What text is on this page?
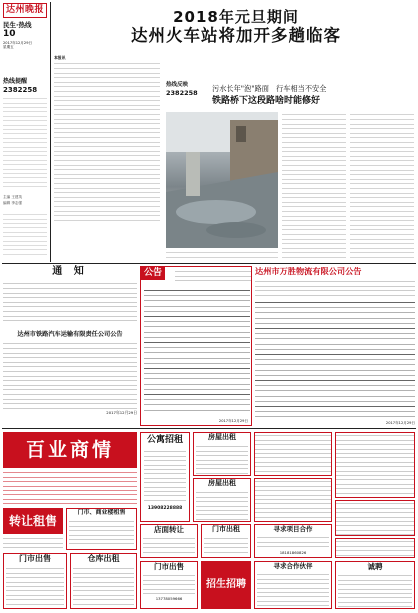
达州晚报
民生·热线
10
2017年12月29日
星期五
2018年元旦期间
达州火车站将加开多趟临客
热线提醒
2382258
主编 王建英
编辑 李志强
本报讯
热线反映
2382258	污水长年"泡"路面　行车相当不安全
铁路桥下这段路啥时能修好
通 知
达州市铁路汽车运输有限责任公司公告
2017年12月29日
公告
2017年12月29日
达州市万胜物流有限公司公告
2017年12月29日
百业商情
转让租售
门市、商业楼租售
公寓招租
13908228888
房屋出租
房屋出租
店面转让	门市出租	寻求项目合作
18181860826
门市出售	仓库出租
门市出售
13778059666
招生招聘
寻求合作伙伴	诚聘
